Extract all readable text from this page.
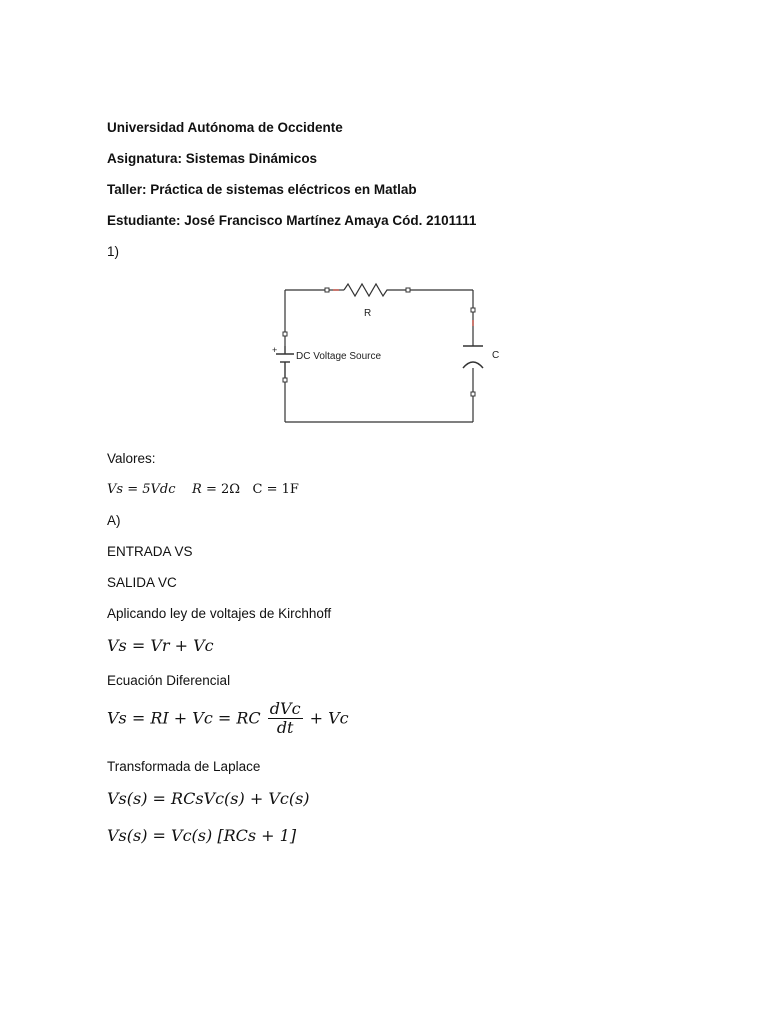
Universidad Autónoma de Occidente
Asignatura: Sistemas Dinámicos
Taller: Práctica de sistemas eléctricos en Matlab
Estudiante: José Francisco Martínez Amaya Cód. 2101111
1)
+
R
C
DC Voltage Source
Valores:
Vs = 5Vdc R = 2Ω C = 1F
A)
ENTRADA VS
SALIDA VC
Aplicando ley de voltajes de Kirchhoff
Vs = Vr + Vc
Ecuación Diferencial
Vs = RI + Vc = RC $\frac{\text{dVc}}{dt} + Vc$
Transformada de Laplace
Vs(s) = RCsVc(s) + Vc(s)
Vs(s) = Vc(s) [RCs + 1]
